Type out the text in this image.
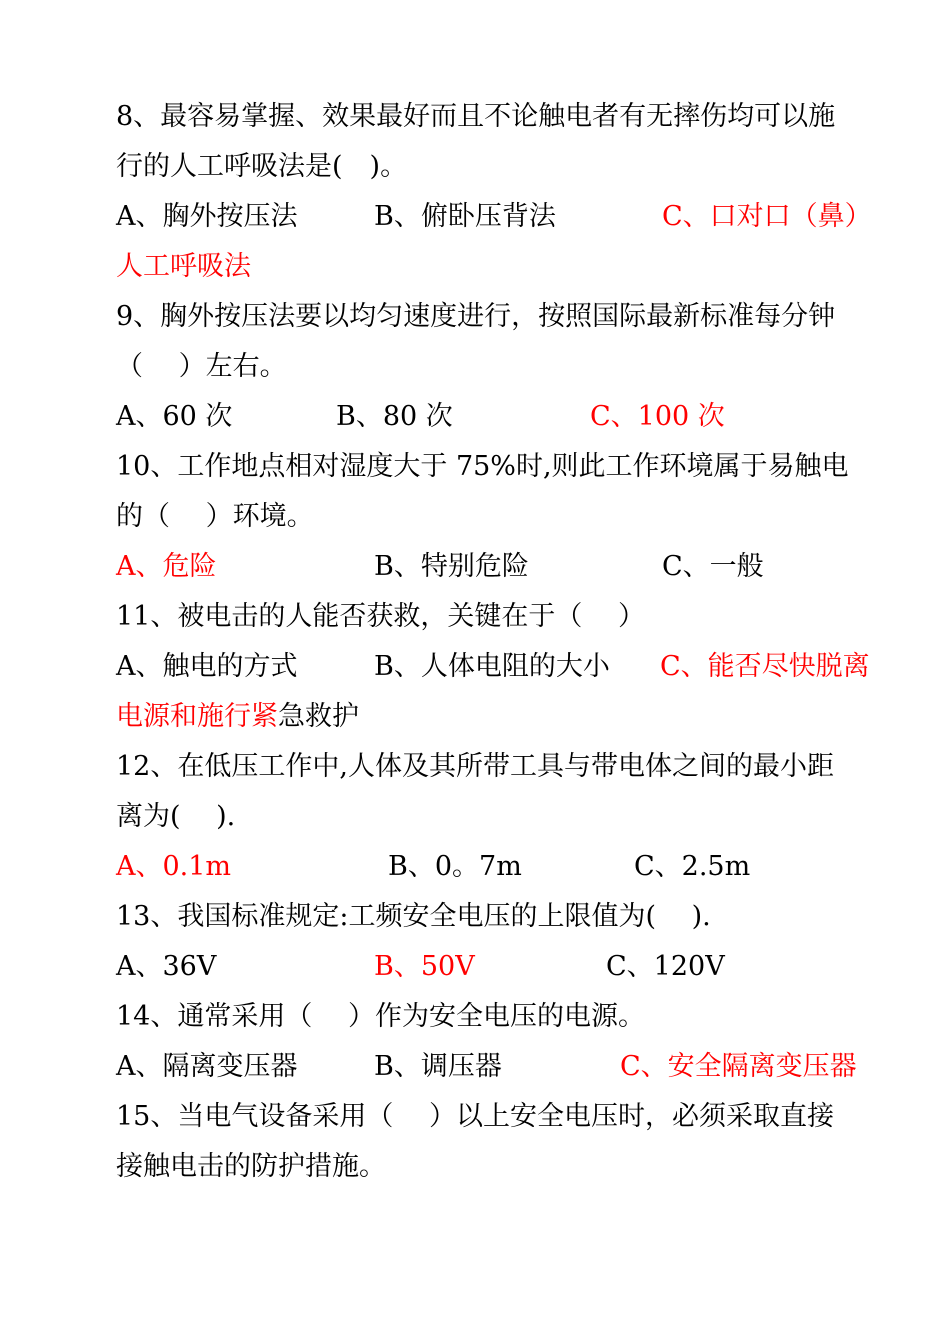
8、最容易掌握、效果最好而且不论触电者有无摔伤均可以施
行的人工呼吸法是(　)。
A、胸外按压法	B、俯卧压背法	C、口对口（鼻）
人工呼吸法
9、胸外按压法要以均匀速度进行，按照国际最新标准每分钟
（　 ）左右。
A、60 次	B、80 次	C、100 次
10、工作地点相对湿度大于 75%时,则此工作环境属于易触电
的（　 ）环境。
A、危险	B、特别危险	C、一般
11、被电击的人能否获救，关键在于（　 ）
A、触电的方式	B、人体电阻的大小 C、能否尽快脱离
电源和施行紧急救护
12、在低压工作中,人体及其所带工具与带电体之间的最小距
离为(　 ).
A、0.1m	B、0。7m	C、2.5m
13、我国标准规定:工频安全电压的上限值为(　 ).
A、36V	B、50V	C、120V
14、通常采用（　 ）作为安全电压的电源。
A、隔离变压器	B、调压器	C、安全隔离变压器
15、当电气设备采用（　 ）以上安全电压时，必须采取直接
接触电击的防护措施。
